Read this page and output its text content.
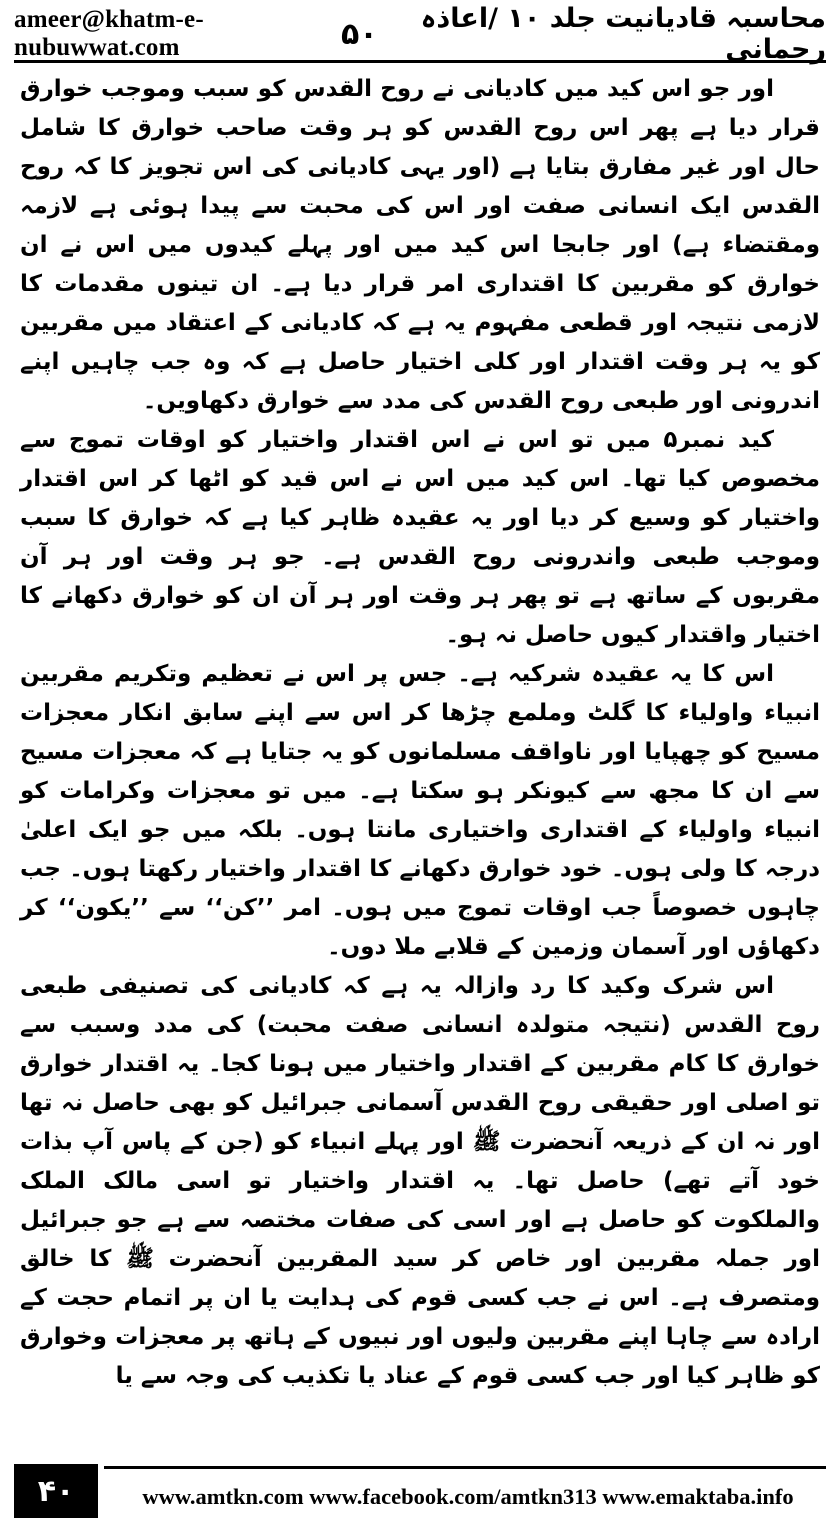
ameer@khatm-e-nubuwwat.com	۵۰	محاسبہ قادیانیت جلد ۱۰ /اعاذہ رحمانی

اور جو اس کید میں کادیانی نے روح القدس کو سبب وموجب خوارق قرار دیا ہے پھر اس روح القدس کو ہر وقت صاحب خوارق کا شامل حال اور غیر مفارق بتایا ہے (اور یہی کادیانی کی اس تجویز کا کہ روح القدس ایک انسانی صفت اور اس کی محبت سے پیدا ہوئی ہے لازمہ ومقتضاء ہے) اور جابجا اس کید میں اور پہلے کیدوں میں اس نے ان خوارق کو مقربین کا اقتداری امر قرار دیا ہے۔ ان تینوں مقدمات کا لازمی نتیجہ اور قطعی مفہوم یہ ہے کہ کادیانی کے اعتقاد میں مقربین کو یہ ہر وقت اقتدار اور کلی اختیار حاصل ہے کہ وہ جب چاہیں اپنے اندرونی اور طبعی روح القدس کی مدد سے خوارق دکھاویں۔

کید نمبر۵ میں تو اس نے اس اقتدار واختیار کو اوقات تموج سے مخصوص کیا تھا۔ اس کید میں اس نے اس قید کو اٹھا کر اس اقتدار واختیار کو وسیع کر دیا اور یہ عقیدہ ظاہر کیا ہے کہ خوارق کا سبب وموجب طبعی واندرونی روح القدس ہے۔ جو ہر وقت اور ہر آن مقربوں کے ساتھ ہے تو پھر ہر وقت اور ہر آن ان کو خوارق دکھانے کا اختیار واقتدار کیوں حاصل نہ ہو۔

اس کا یہ عقیدہ شرکیہ ہے۔ جس پر اس نے تعظیم وتکریم مقربین انبیاء واولیاء کا گلٹ وملمع چڑھا کر اس سے اپنے سابق انکار معجزات مسیح کو چھپایا اور ناواقف مسلمانوں کو یہ جتایا ہے کہ معجزات مسیح سے ان کا مجھ سے کیونکر ہو سکتا ہے۔ میں تو معجزات وکرامات کو انبیاء واولیاء کے اقتداری واختیاری مانتا ہوں۔ بلکہ میں جو ایک اعلیٰ درجہ کا ولی ہوں۔ خود خوارق دکھانے کا اقتدار واختیار رکھتا ہوں۔ جب چاہوں خصوصاً جب اوقات تموج میں ہوں۔ امر ’’کن‘‘ سے ’’یکون‘‘ کر دکھاؤں اور آسمان وزمین کے قلابے ملا دوں۔

اس شرک وکید کا رد وازالہ یہ ہے کہ کادیانی کی تصنیفی طبعی روح القدس (نتیجہ متولدہ انسانی صفت محبت) کی مدد وسبب سے خوارق کا کام مقربین کے اقتدار واختیار میں ہونا کجا۔ یہ اقتدار خوارق تو اصلی اور حقیقی روح القدس آسمانی جبرائیل کو بھی حاصل نہ تھا اور نہ ان کے ذریعہ آنحضرت ﷺ اور پہلے انبیاء کو (جن کے پاس آپ بذات خود آتے تھے) حاصل تھا۔ یہ اقتدار واختیار تو اسی مالک الملک والملکوت کو حاصل ہے اور اسی کی صفات مختصہ سے ہے جو جبرائیل اور جملہ مقربین اور خاص کر سید المقربین آنحضرت ﷺ کا خالق ومتصرف ہے۔ اس نے جب کسی قوم کی ہدایت یا ان پر اتمام حجت کے ارادہ سے چاہا اپنے مقربین ولیوں اور نبیوں کے ہاتھ پر معجزات وخوارق کو ظاہر کیا اور جب کسی قوم کے عناد یا تکذیب کی وجہ سے یا

۴۰	www.amtkn.com www.facebook.com/amtkn313 www.emaktaba.info
